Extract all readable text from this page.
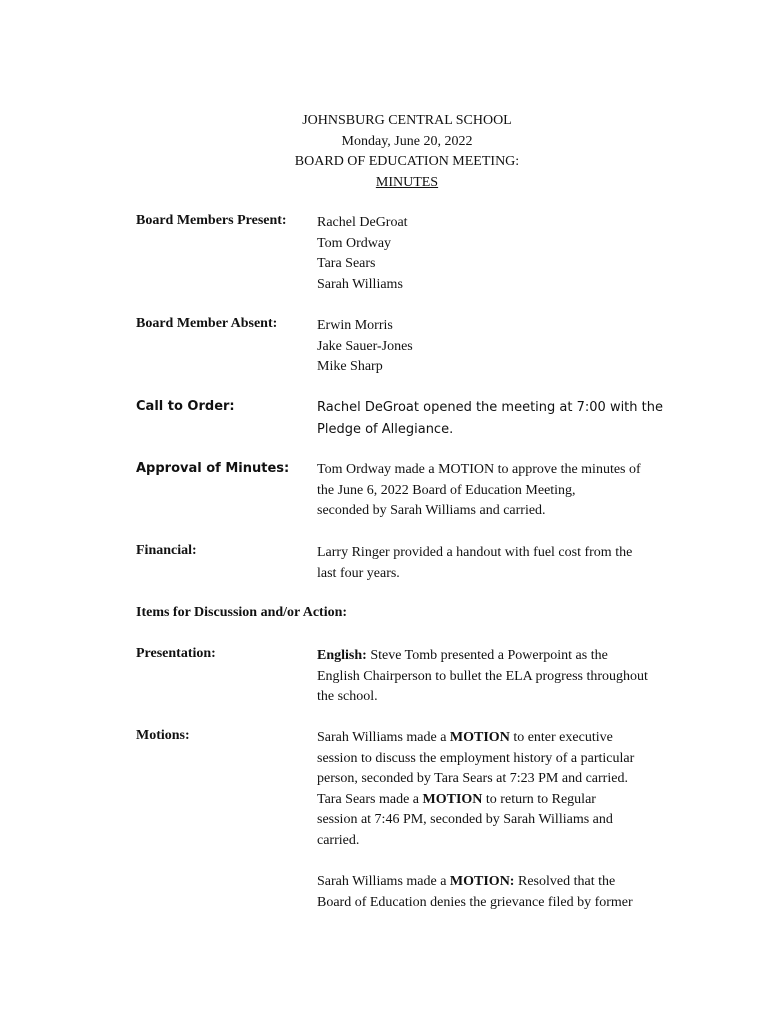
JOHNSBURG CENTRAL SCHOOL
Monday, June 20, 2022
BOARD OF EDUCATION MEETING:
MINUTES
Board Members Present: Rachel DeGroat
Tom Ordway
Tara Sears
Sarah Williams
Board Member Absent:	Erwin Morris
Jake Sauer-Jones
Mike Sharp
Call to Order:	Rachel DeGroat opened the meeting at 7:00 with the
Pledge of Allegiance.
Approval of Minutes: Tom Ordway made a MOTION to approve the minutes of
the June 6, 2022 Board of Education Meeting,
seconded by Sarah Williams and carried.
Financial:	Larry Ringer provided a handout with fuel cost from the
last four years.
Items for Discussion and/or Action:
Presentation:	English: Steve Tomb presented a Powerpoint as the
English Chairperson to bullet the ELA progress throughout
the school.
Motions:	Sarah Williams made a MOTION to enter executive
session to discuss the employment history of a particular
person, seconded by Tara Sears at 7:23 PM and carried.
Tara Sears made a MOTION to return to Regular
session at 7:46 PM, seconded by Sarah Williams and
carried.
Sarah Williams made a MOTION: Resolved that the
Board of Education denies the grievance filed by former
